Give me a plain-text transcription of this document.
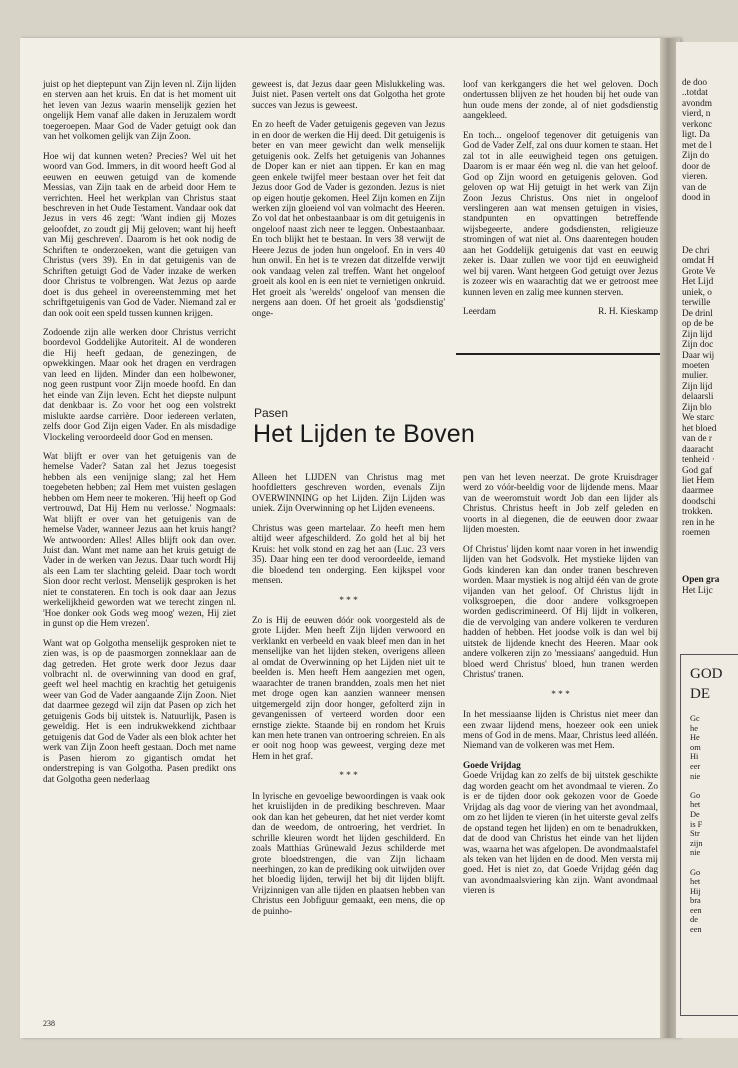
juist op het dieptepunt van Zijn leven nl. Zijn lijden en sterven aan het kruis. En dat is het moment uit het leven van Jezus waarin menselijk gezien het ongelijk Hem vanaf alle daken in Jeruzalem wordt toegeroepen. Maar God de Vader getuigt ook dan van het volkomen gelijk van Zijn Zoon.

Hoe wij dat kunnen weten? Precies? Wel uit het woord van God. Immers, in dit woord heeft God al eeuwen en eeuwen getuigd van de komende Messias, van Zijn taak en de arbeid door Hem te verrichten. Heel het werkplan van Christus staat beschreven in het Oude Testament. Vandaar ook dat Jezus in vers 46 zegt: 'Want indien gij Mozes geloofdet, zo zoudt gij Mij geloven; want hij heeft van Mij geschreven'. Daarom is het ook nodig de Schriften te onderzoeken, want die getuigen van Christus (vers 39). En in dat getuigenis van de Schriften getuigt God de Vader inzake de werken door Christus te volbrengen. Wat Jezus op aarde doet is dus geheel in overeenstemming met het schriftgetuigenis van God de Vader. Niemand zal er dan ook ooit een speld tussen kunnen krijgen.

Zodoende zijn alle werken door Christus verricht boordevol Goddelijke Autoriteit. Al de wonderen die Hij heeft gedaan, de genezingen, de opwekkingen. Maar ook het dragen en verdragen van leed en lijden. Minder dan een holbewoner, nog geen rustpunt voor Zijn moede hoofd. En dan het einde van Zijn leven. Echt het diepste nulpunt dat denkbaar is. Zo voor het oog een volstrekt mislukte aardse carrière. Door iedereen verlaten, zelfs door God Zijn eigen Vader. En als misdadige Vlockeling veroordeeld door God en mensen.

Wat blijft er over van het getuigenis van de hemelse Vader? Satan zal het Jezus toegesist hebben als een venijnige slang; zal het Hem toegebeten hebben; zal Hem met vuisten geslagen hebben om Hem neer te mokeren. 'Hij heeft op God vertrouwd, Dat Hij Hem nu verlosse.' Nogmaals: Wat blijft er over van het getuigenis van de hemelse Vader, wanneer Jezus aan het kruis hangt? We antwoorden: Alles! Alles blijft ook dan over. Juist dan. Want met name aan het kruis getuigt de Vader in de werken van Jezus. Daar tuch wordt Hij als een Lam ter slachting geleid. Daar toch wordt Sion door recht verlost. Menselijk gesproken is het niet te constateren. En toch is ook daar aan Jezus werkelijkheid geworden wat we terecht zingen nl. 'Hoe donker ook Gods weg moog' wezen, Hij ziet in gunst op die Hem vrezen'.

Want wat op Golgotha menselijk gesproken niet te zien was, is op de paasmorgen zonneklaar aan de dag getreden. Het grote werk door Jezus daar volbracht nl. de overwinning van dood en graf, geeft wel heel machtig en krachtig het getuigenis weer van God de Vader aangaande Zijn Zoon. Niet dat daarmee gezegd wil zijn dat Pasen op zich het getuigenis Gods bij uitstek is. Natuurlijk, Pasen is geweldig. Het is een indrukwekkend zichtbaar getuigenis dat God de Vader als een blok achter het werk van Zijn Zoon heeft gestaan. Doch met name is Pasen hierom zo gigantisch omdat het onderstreping is van Golgotha. Pasen predikt ons dat Golgotha geen nederlaag

geweest is, dat Jezus daar geen Mislukkeling was. Juist niet. Pasen vertelt ons dat Golgotha het grote succes van Jezus is geweest.

En zo heeft de Vader getuigenis gegeven van Jezus in en door de werken die Hij deed. Dit getuigenis is beter en van meer gewicht dan welk menselijk getuigenis ook. Zelfs het getuigenis van Johannes de Doper kan er niet aan tippen. Er kan en mag geen enkele twijfel meer bestaan over het feit dat Jezus door God de Vader is gezonden. Jezus is niet op eigen houtje gekomen. Heel Zijn komen en Zijn werken zijn gloeiend vol van volmacht des Heeren. Zo vol dat het onbestaanbaar is om dit getuigenis in ongeloof naast zich neer te leggen. Onbestaanbaar. En toch blijkt het te bestaan. In vers 38 verwijt de Heere Jezus de joden hun ongeloof. En in vers 40 hun onwil. En het is te vrezen dat ditzelfde verwijt ook vandaag velen zal treffen. Want het ongeloof groeit als kool en is een niet te vernietigen onkruid. Het groeit als 'werelds' ongeloof van mensen die nergens aan doen. Of het groeit als 'godsdienstig' onge-

loof van kerkgangers die het wel geloven. Doch ondertussen blijven ze het houden bij het oude van hun oude mens der zonde, al of niet godsdienstig aangekleed.

En toch... ongeloof tegenover dit getuigenis van God de Vader Zelf, zal ons duur komen te staan. Het zal tot in alle eeuwigheid tegen ons getuigen. Daarom is er maar één weg nl. die van het geloof. God op Zijn woord en getuigenis geloven. God geloven op wat Hij getuigt in het werk van Zijn Zoon Jezus Christus. Ons niet in ongeloof verslingeren aan wat mensen getuigen in visies, standpunten en opvattingen betreffende wijsbegeerte, andere godsdiensten, religieuze stromingen of wat niet al. Ons daarentegen houden aan het Goddelijk getuigenis dat vast en eeuwig zeker is. Daar zullen we voor tijd en eeuwigheid wel bij varen. Want hetgeen God getuigt over Jezus is zozeer wis en waarachtig dat we er getroost mee kunnen leven en zalig mee kunnen sterven.

Leerdam	R. H. Kieskamp
Pasen
Het Lijden te Boven

Alleen het LIJDEN van Christus mag met hoofdletters geschreven worden, evenals Zijn OVERWINNING op het Lijden. Zijn Lijden was uniek. Zijn Overwinning op het Lijden eveneens.

Christus was geen martelaar. Zo heeft men hem altijd weer afgeschilderd. Zo gold het al bij het Kruis: het volk stond en zag het aan (Luc. 23 vers 35). Daar hing een ter dood veroordeelde, iemand die bloedend ten onderging. Een kijkspel voor mensen.

* * *

Zo is Hij de eeuwen dóór ook voorgesteld als de grote Lijder. Men heeft Zijn lijden verwoord en verklankt en verbeeld en vaak bleef men dan in het menselijke van het lijden steken, overigens alleen al omdat de Overwinning op het Lijden niet uit te beelden is. Men heeft Hem aangezien met ogen, waarachter de tranen brandden, zoals men het niet met droge ogen kan aanzien wanneer mensen uitgemergeld zijn door honger, gefolterd zijn in gevangenissen of verteerd worden door een ernstige ziekte. Staande bij en rondom het Kruis kan men hete tranen van ontroering schreien. En als er ooit nog hoop was geweest, verging deze met Hem in het graf.

* * *

In lyrische en gevoelige bewoordingen is vaak ook het kruislijden in de prediking beschreven. Maar ook dan kan het gebeuren, dat het niet verder komt dan de weedom, de ontroering, het verdriet. In schrille kleuren wordt het lijden geschilderd. En zoals Matthias Grünewald Jezus schilderde met grote bloedstrengen, die van Zijn lichaam neerhingen, zo kan de prediking ook uitwijden over het bloedig lijden, terwijl het bij dit lijden blijft. Vrijzinnigen van alle tijden en plaatsen hebben van Christus een Jobfiguur gemaakt, een mens, die op de puinho-

pen van het leven neerzat. De grote Kruisdrager werd zo vóór-beeldig voor de lijdende mens. Maar van de weeromstuit wordt Job dan een lijder als Christus. Christus heeft in Job zelf geleden en voorts in al diegenen, die de eeuwen door zwaar lijden moesten.

Of Christus' lijden komt naar voren in het inwendig lijden van het Godsvolk. Het mystieke lijden van Gods kinderen kan dan onder tranen beschreven worden. Maar mystiek is nog altijd één van de grote vijanden van het geloof. Of Christus lijdt in volksgroepen, die door andere volksgroepen worden gediscrimineerd. Of Hij lijdt in volkeren, die de vervolging van andere volkeren te verduren hadden of hebben. Het joodse volk is dan wel bij uitstek de lijdende knecht des Heeren. Maar ook andere volkeren zijn zo 'messiaans' aangeduid. Hun bloed werd Christus' bloed, hun tranen werden Christus' tranen.

* * *

In het messiaanse lijden is Christus niet meer dan een zwaar lijdend mens, hoezeer ook een uniek mens of God in de mens. Maar, Christus leed alléén. Niemand van de volkeren was met Hem.

Goede Vrijdag

Goede Vrijdag kan zo zelfs de bij uitstek geschikte dag worden geacht om het avondmaal te vieren. Zo is er de tijden door ook gekozen voor de Goede Vrijdag als dag voor de viering van het avondmaal, om zo het lijden te vieren (in het uiterste geval zelfs de opstand tegen het lijden) en om te benadrukken, dat de dood van Christus het einde van het lijden was, waarna het was afgelopen. De avondmaalstafel als teken van het lijden en de dood. Men versta mij goed. Het is niet zo, dat Goede Vrijdag géén dag van avondmaalsviering kàn zijn. Want avondmaal vieren is

238
de doo
..totdat
avondm
vierd, n
verkonc
ligt. Da
met de l
Zijn do
door de
vieren.
van de
dood in
De chri
omdat H
Grote Ve
Het Lijd
uniek, o
terwille
De drinl
op de be
Zijn lijd
Zijn doc
Daar wij
moeten
mulier.
Zijn lijd
delaarsli
Zijn blo
We starc
het bloed
van de r
daaracht
tenheid ·
God gaf
liet Hem
daarmee
doodschi
trokken.
ren in he
roemen
Open gra
Het Lijc
GOD
DE
Gc
he
He
om
Hi
eer
nie

Go
het
De
is F
Str
zijn
nie

Go
het
Hij
bra
een
de
een
